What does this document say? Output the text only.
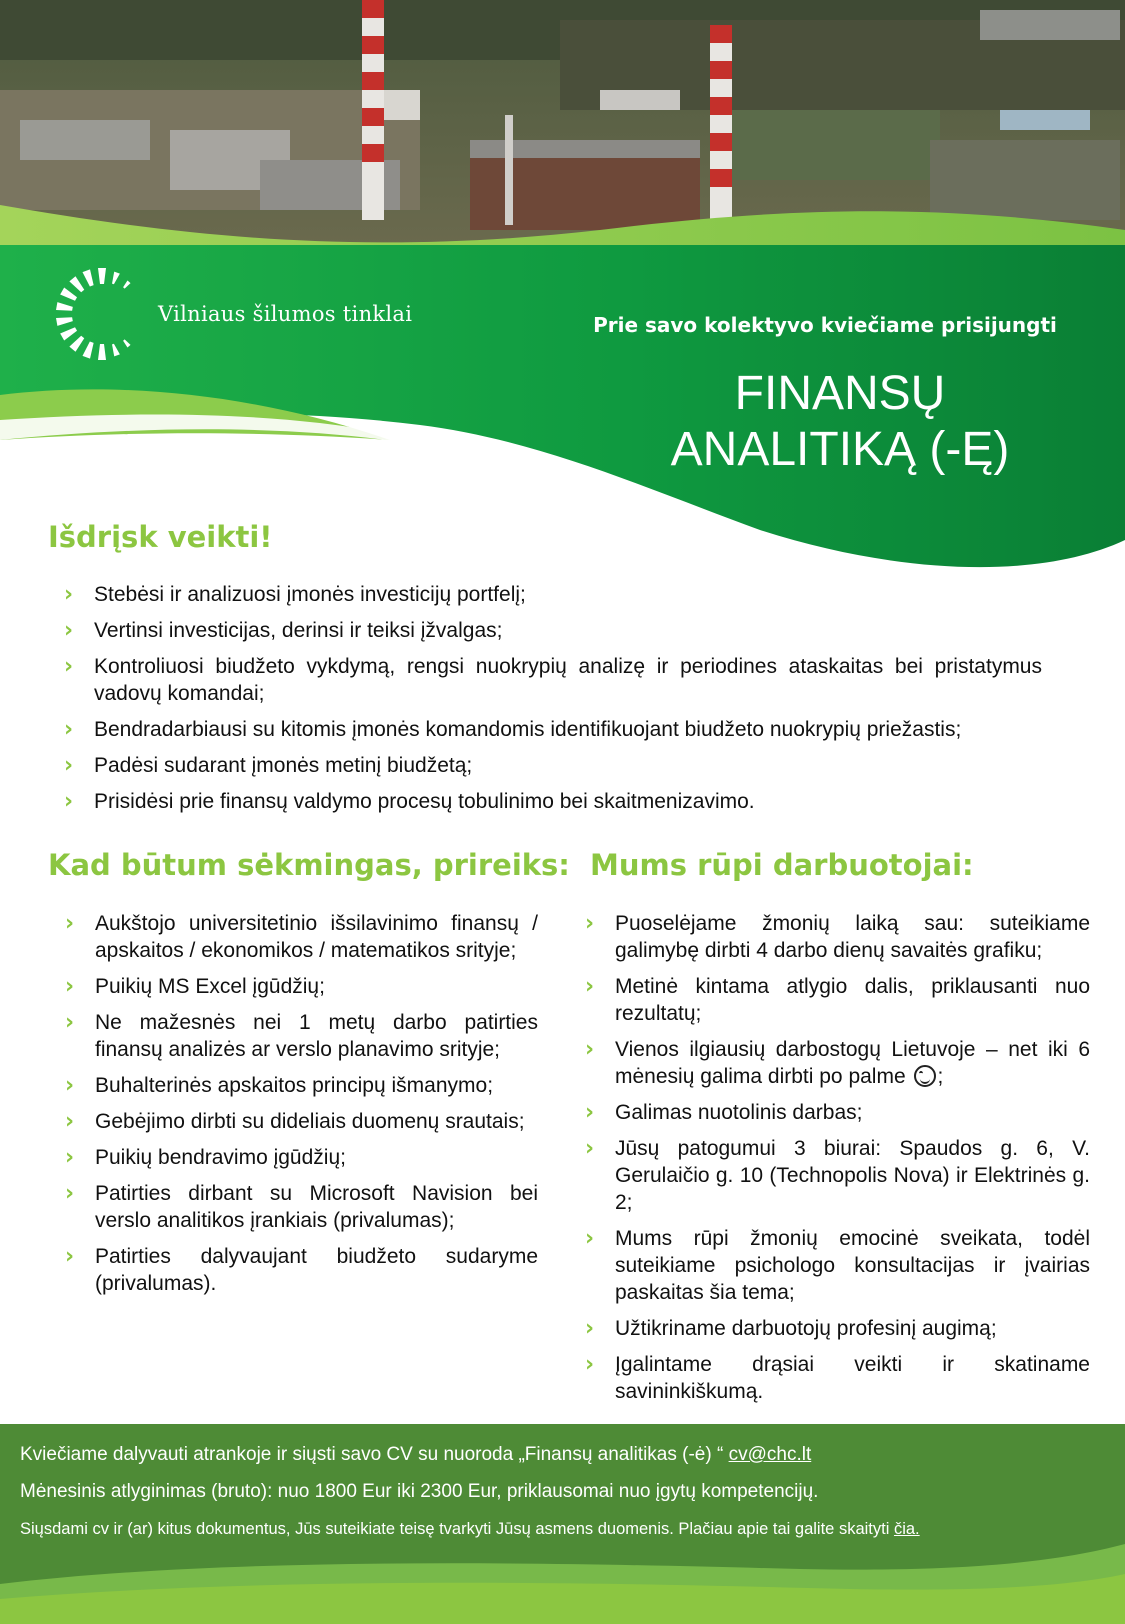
Vilniaus šilumos tinklai	Prie savo kolektyvo kviečiame prisijungti
FINANSŲ
ANALITIKĄ (-Ę)
Išdrįsk veikti!
› Stebėsi ir analizuosi įmonės investicijų portfelį;
› Vertinsi investicijas, derinsi ir teiksi įžvalgas;
› Kontroliuosi biudžeto vykdymą, rengsi nuokrypių analizę ir periodines ataskaitas bei pristatymus vadovų komandai;
› Bendradarbiausi su kitomis įmonės komandomis identifikuojant biudžeto nuokrypių priežastis;
› Padėsi sudarant įmonės metinį biudžetą;
› Prisidėsi prie finansų valdymo procesų tobulinimo bei skaitmenizavimo.
Kad būtum sėkmingas, prireiks:
› Aukštojo universitetinio išsilavinimo finansų / apskaitos / ekonomikos / matematikos srityje;
› Puikių MS Excel įgūdžių;
› Ne mažesnės nei 1 metų darbo patirties finansų analizės ar verslo planavimo srityje;
› Buhalterinės apskaitos principų išmanymo;
› Gebėjimo dirbti su dideliais duomenų srautais;
› Puikių bendravimo įgūdžių;
› Patirties dirbant su Microsoft Navision bei verslo analitikos įrankiais (privalumas);
› Patirties dalyvaujant biudžeto sudaryme (privalumas).
Mums rūpi darbuotojai:
› Puoselėjame žmonių laiką sau: suteikiame galimybę dirbti 4 darbo dienų savaitės grafiku;
› Metinė kintama atlygio dalis, priklausanti nuo rezultatų;
› Vienos ilgiausių darbostogų Lietuvoje – net iki 6 mėnesių galima dirbti po palme ;
› Galimas nuotolinis darbas;
› Jūsų patogumui 3 biurai: Spaudos g. 6, V. Gerulaičio g. 10 (Technopolis Nova) ir Elektrinės g. 2;
› Mums rūpi žmonių emocinė sveikata, todėl suteikiame psichologo konsultacijas ir įvairias paskaitas šia tema;
› Užtikriname darbuotojų profesinį augimą;
› Įgalintame drąsiai veikti ir skatiname savininkiškumą.

Kviečiame dalyvauti atrankoje ir siųsti savo CV su nuoroda „Finansų analitikas (-ė) “ cv@chc.lt

Mėnesinis atlyginimas (bruto): nuo 1800 Eur iki 2300 Eur, priklausomai nuo įgytų kompetencijų.

Siųsdami cv ir (ar) kitus dokumentus, Jūs suteikiate teisę tvarkyti Jūsų asmens duomenis. Plačiau apie tai galite skaityti čia.
